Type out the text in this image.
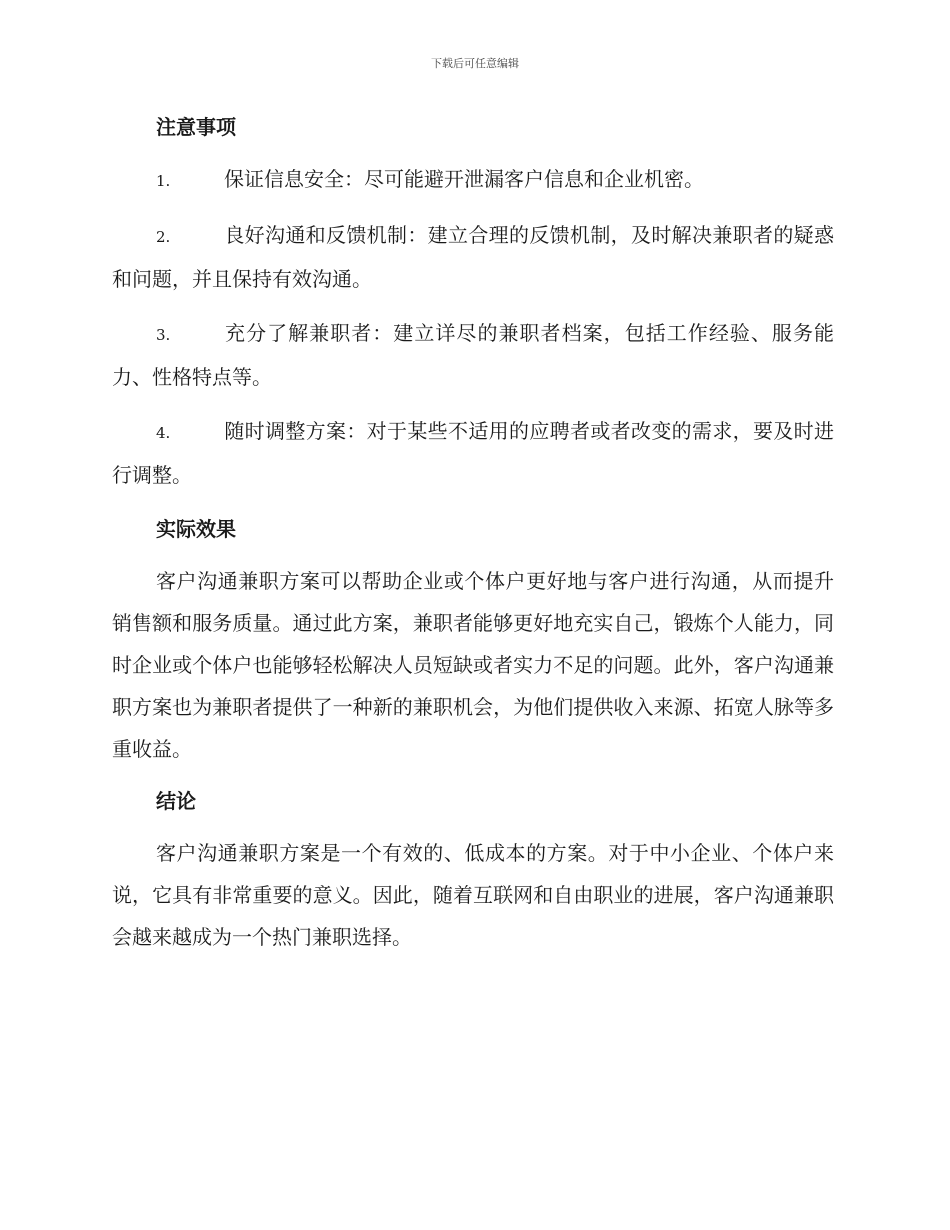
下载后可任意编辑
注意事项
1.	保证信息安全：尽可能避开泄漏客户信息和企业机密。
2.	良好沟通和反馈机制：建立合理的反馈机制，及时解决兼职者的疑惑和问题，并且保持有效沟通。
3.	充分了解兼职者：建立详尽的兼职者档案，包括工作经验、服务能力、性格特点等。
4.	随时调整方案：对于某些不适用的应聘者或者改变的需求，要及时进行调整。
实际效果

客户沟通兼职方案可以帮助企业或个体户更好地与客户进行沟通，从而提升销售额和服务质量。通过此方案，兼职者能够更好地充实自己，锻炼个人能力，同时企业或个体户也能够轻松解决人员短缺或者实力不足的问题。此外，客户沟通兼职方案也为兼职者提供了一种新的兼职机会，为他们提供收入来源、拓宽人脉等多重收益。

结论

客户沟通兼职方案是一个有效的、低成本的方案。对于中小企业、个体户来说，它具有非常重要的意义。因此，随着互联网和自由职业的进展，客户沟通兼职会越来越成为一个热门兼职选择。
